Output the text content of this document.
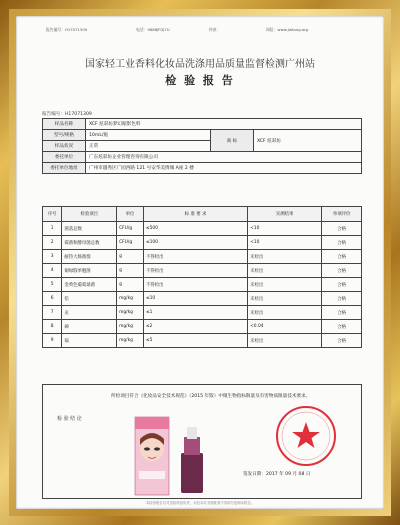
报告编号：H17071309	电话：9888JFGJ7U	传真：	网址：www.jiatong.org
国家轻工业香料化妆品洗涤用品质量监督检测广州站
检 验 报 告
报告编号：H17071309
样品名称	XCF 炫彩坊梦幻眼影色料		
型号/规格	10mL/瓶	商 标	XCF 炫彩坊
样品状况	正常		
委托单位	广东炫彩坊企业管理咨询有限公司		
委托单位地址	广州市越秀区广园西路 121 号安华美博城 A座 2 楼		
序号	检验项目	单位	标 准 要 求	实测结果	单项评价
1	菌落总数	CFU/g	≤500	<10	合格
2	霉菌和酵母菌总数	CFU/g	≤100	<10	合格
3	耐热大肠菌群	g	不得检出	未检出	合格
4	铜绿假单胞菌	g	不得检出	未检出	合格
5	金黄色葡萄球菌	g	不得检出	未检出	合格
6	铅	mg/kg	≤10	未检出	合格
7	汞	mg/kg	≤1	未检出	合格
8	砷	mg/kg	≤2	<0.04	合格
9	镉	mg/kg	≤5	未检出	合格
检 验 结 论
所检项目符合《化妆品安全技术规范》（2015 年版）中微生物指标限量及有害物质限量技术要求。
签发日期：2017 年 09 月 08 日
本检验报告仅对送检样品负责，未经本站书面批准不得部分复制本报告。
